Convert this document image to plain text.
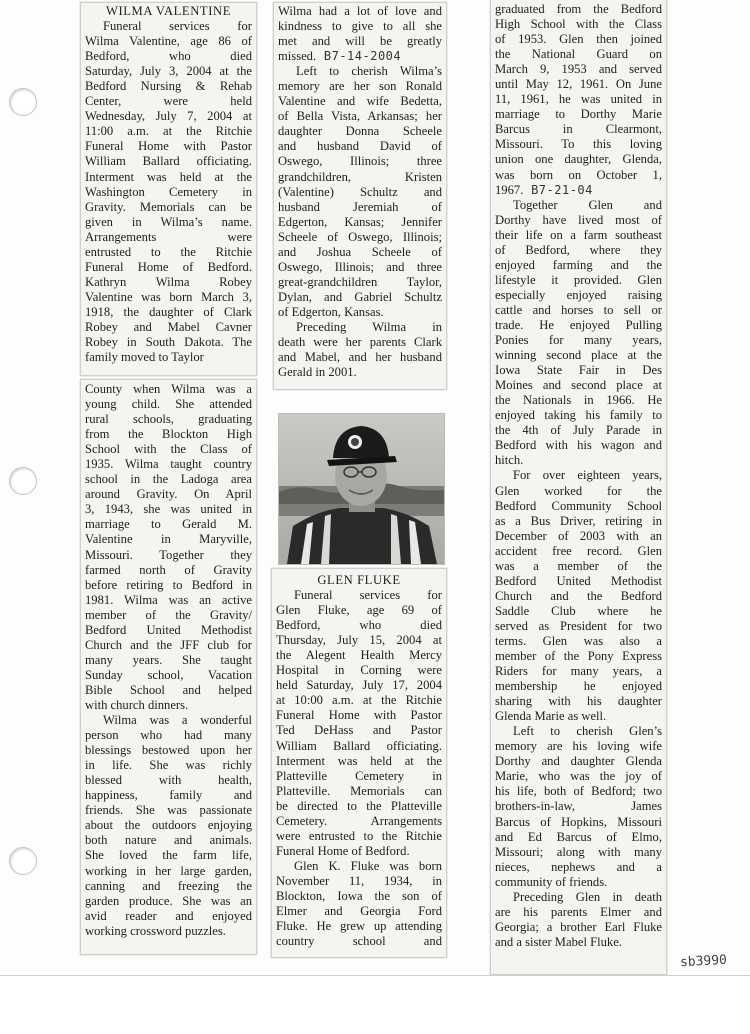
WILMA VALENTINE

Funeral services for

Wilma Valentine, age 86 of

Bedford, who died

Saturday, July 3, 2004 at the

Bedford Nursing & Rehab

Center, were held

Wednesday, July 7, 2004 at

11:00 a.m. at the Ritchie

Funeral Home with Pastor

William Ballard officiating.

Interment was held at the

Washington Cemetery in

Gravity. Memorials can be

given in Wilma’s name.

Arrangements were

entrusted to the Ritchie

Funeral Home of Bedford.

Kathryn Wilma Robey

Valentine was born March 3,

1918, the daughter of Clark

Robey and Mabel Cavner

Robey in South Dakota. The

family moved to Taylor

County when Wilma was a

young child. She attended

rural schools, graduating

from the Blockton High

School with the Class of

1935. Wilma taught country

school in the Ladoga area

around Gravity. On April

3, 1943, she was united in

marriage to Gerald M.

Valentine in Maryville,

Missouri. Together they

farmed north of Gravity

before retiring to Bedford in

1981. Wilma was an active

member of the Gravity/

Bedford United Methodist

Church and the JFF club for

many years. She taught

Sunday school, Vacation

Bible School and helped

with church dinners.

Wilma was a wonderful

person who had many

blessings bestowed upon her

in life. She was richly

blessed with health,

happiness, family and

friends. She was passionate

about the outdoors enjoying

both nature and animals.

She loved the farm life,

working in her large garden,

canning and freezing the

garden produce. She was an

avid reader and enjoyed

working crossword puzzles.

Wilma had a lot of love and

kindness to give to all she

met and will be greatly

missed. B7-14-2004

Left to cherish Wilma’s

memory are her son Ronald

Valentine and wife Bedetta,

of Bella Vista, Arkansas; her

daughter Donna Scheele

and husband David of

Oswego, Illinois; three

grandchildren, Kristen

(Valentine) Schultz and

husband Jeremiah of

Edgerton, Kansas; Jennifer

Scheele of Oswego, Illinois;

and Joshua Scheele of

Oswego, Illinois; and three

great-grandchildren Taylor,

Dylan, and Gabriel Schultz

of Edgerton, Kansas.

Preceding Wilma in

death were her parents Clark

and Mabel, and her husband

Gerald in 2001.

GLEN FLUKE

Funeral services for

Glen Fluke, age 69 of

Bedford, who died

Thursday, July 15, 2004 at

the Alegent Health Mercy

Hospital in Corning were

held Saturday, July 17, 2004

at 10:00 a.m. at the Ritchie

Funeral Home with Pastor

Ted DeHass and Pastor

William Ballard officiating.

Interment was held at the

Platteville Cemetery in

Platteville. Memorials can

be directed to the Platteville

Cemetery. Arrangements

were entrusted to the Ritchie

Funeral Home of Bedford.

Glen K. Fluke was born

November 11, 1934, in

Blockton, Iowa the son of

Elmer and Georgia Ford

Fluke. He grew up attending

country school and

graduated from the Bedford

High School with the Class

of 1953. Glen then joined

the National Guard on

March 9, 1953 and served

until May 12, 1961. On June

11, 1961, he was united in

marriage to Dorthy Marie

Barcus in Clearmont,

Missouri. To this loving

union one daughter, Glenda,

was born on October 1,

1967. B7-21-04

Together Glen and

Dorthy have lived most of

their life on a farm southeast

of Bedford, where they

enjoyed farming and the

lifestyle it provided. Glen

especially enjoyed raising

cattle and horses to sell or

trade. He enjoyed Pulling

Ponies for many years,

winning second place at the

Iowa State Fair in Des

Moines and second place at

the Nationals in 1966. He

enjoyed taking his family to

the 4th of July Parade in

Bedford with his wagon and

hitch.

For over eighteen years,

Glen worked for the

Bedford Community School

as a Bus Driver, retiring in

December of 2003 with an

accident free record. Glen

was a member of the

Bedford United Methodist

Church and the Bedford

Saddle Club where he

served as President for two

terms. Glen was also a

member of the Pony Express

Riders for many years, a

membership he enjoyed

sharing with his daughter

Glenda Marie as well.

Left to cherish Glen’s

memory are his loving wife

Dorthy and daughter Glenda

Marie, who was the joy of

his life, both of Bedford; two

brothers-in-law, James

Barcus of Hopkins, Missouri

and Ed Barcus of Elmo,

Missouri; along with many

nieces, nephews and a

community of friends.

Preceding Glen in death

are his parents Elmer and

Georgia; a brother Earl Fluke

and a sister Mabel Fluke.

sb3990
